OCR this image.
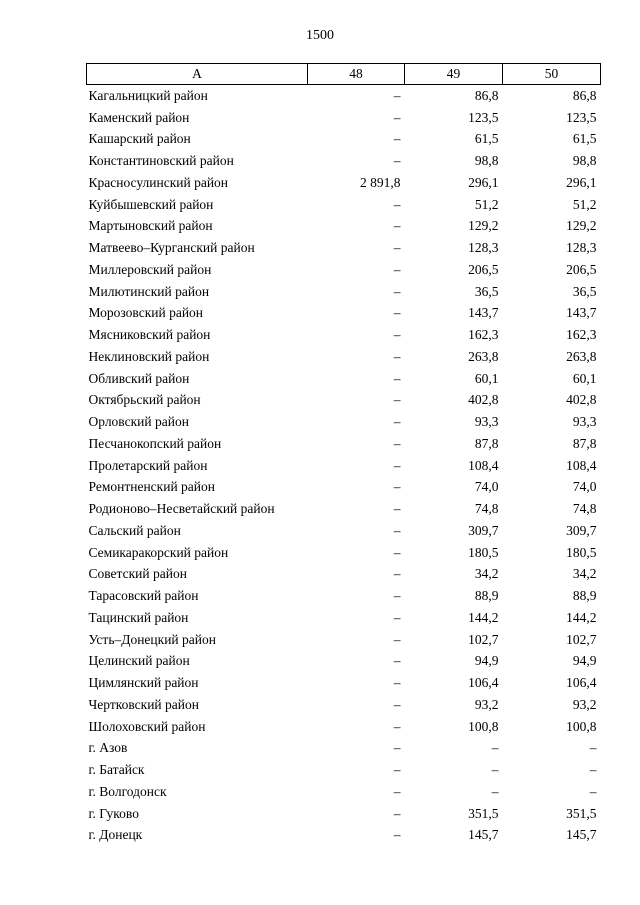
1500
А	48	49	50
Кагальницкий район	–	86,8	86,8
Каменский район	–	123,5	123,5
Кашарский район	–	61,5	61,5
Константиновский район	–	98,8	98,8
Красносулинский район	2 891,8	296,1	296,1
Куйбышевский район	–	51,2	51,2
Мартыновский район	–	129,2	129,2
Матвеево–Курганский район	–	128,3	128,3
Миллеровский район	–	206,5	206,5
Милютинский район	–	36,5	36,5
Морозовский район	–	143,7	143,7
Мясниковский район	–	162,3	162,3
Неклиновский район	–	263,8	263,8
Обливский район	–	60,1	60,1
Октябрьский район	–	402,8	402,8
Орловский район	–	93,3	93,3
Песчанокопский район	–	87,8	87,8
Пролетарский район	–	108,4	108,4
Ремонтненский район	–	74,0	74,0
Родионово–Несветайский район	–	74,8	74,8
Сальский район	–	309,7	309,7
Семикаракорский район	–	180,5	180,5
Советский район	–	34,2	34,2
Тарасовский район	–	88,9	88,9
Тацинский район	–	144,2	144,2
Усть–Донецкий район	–	102,7	102,7
Целинский район	–	94,9	94,9
Цимлянский район	–	106,4	106,4
Чертковский район	–	93,2	93,2
Шолоховский район	–	100,8	100,8
г. Азов	–	–	–
г. Батайск	–	–	–
г. Волгодонск	–	–	–
г. Гуково	–	351,5	351,5
г. Донецк	–	145,7	145,7
